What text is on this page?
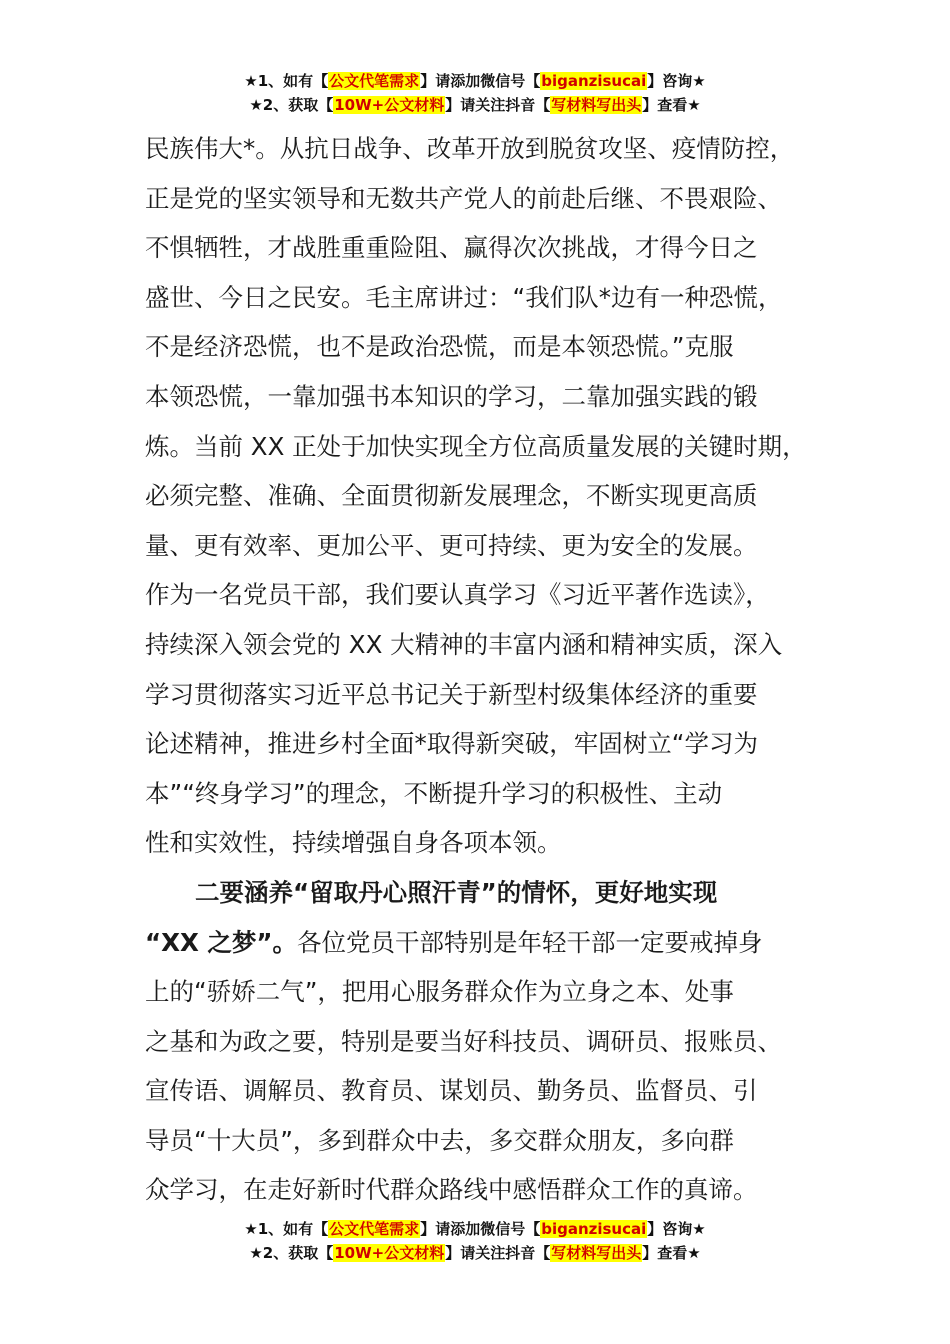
★1、如有【公文代笔需求】请添加微信号【biganzisucai】咨询★
★2、获取【10W+公文材料】请关注抖音【写材料写出头】查看★
民族伟大*。从抗日战争、改革开放到脱贫攻坚、疫情防控，
正是党的坚实领导和无数共产党人的前赴后继、不畏艰险、
不惧牺牲，才战胜重重险阻、赢得次次挑战，才得今日之
盛世、今日之民安。毛主席讲过：“我们队*边有一种恐慌，
不是经济恐慌，也不是政治恐慌，而是本领恐慌。”克服
本领恐慌，一靠加强书本知识的学习，二靠加强实践的锻
炼。当前 XX 正处于加快实现全方位高质量发展的关键时期，
必须完整、准确、全面贯彻新发展理念，不断实现更高质
量、更有效率、更加公平、更可持续、更为安全的发展。
作为一名党员干部，我们要认真学习《习近平著作选读》，
持续深入领会党的 XX 大精神的丰富内涵和精神实质，深入
学习贯彻落实习近平总书记关于新型村级集体经济的重要
论述精神，推进乡村全面*取得新突破，牢固树立“学习为
本”“终身学习”的理念，不断提升学习的积极性、主动
性和实效性，持续增强自身各项本领。
二要涵养“留取丹心照汗青”的情怀，更好地实现
“XX 之梦”。各位党员干部特别是年轻干部一定要戒掉身
上的“骄娇二气”，把用心服务群众作为立身之本、处事
之基和为政之要，特别是要当好科技员、调研员、报账员、
宣传语、调解员、教育员、谋划员、勤务员、监督员、引
导员“十大员”，多到群众中去，多交群众朋友，多向群
众学习，在走好新时代群众路线中感悟群众工作的真谛。
★1、如有【公文代笔需求】请添加微信号【biganzisucai】咨询★
★2、获取【10W+公文材料】请关注抖音【写材料写出头】查看★
